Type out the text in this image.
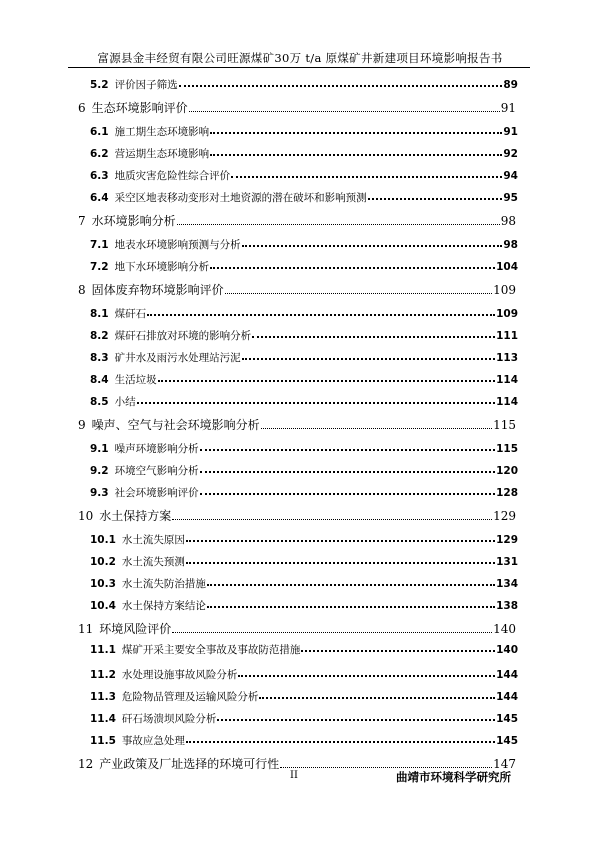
富源县金丰经贸有限公司旺源煤矿30万 t/a 原煤矿井新建项目环境影响报告书
5.2 评价因子筛选	89
6 生态环境影响评价	91
6.1 施工期生态环境影响	91
6.2 营运期生态环境影响	92
6.3 地质灾害危险性综合评价	94
6.4 采空区地表移动变形对土地资源的潜在破坏和影响预测	95
7 水环境影响分析	98
7.1 地表水环境影响预测与分析	98
7.2 地下水环境影响分析	104
8 固体废弃物环境影响评价	109
8.1 煤矸石	109
8.2 煤矸石排放对环境的影响分析	111
8.3 矿井水及雨污水处理站污泥	113
8.4 生活垃圾	114
8.5 小结	114
9 噪声、空气与社会环境影响分析	115
9.1 噪声环境影响分析	115
9.2 环境空气影响分析	120
9.3 社会环境影响评价	128
10 水土保持方案	129
10.1 水土流失原因	129
10.2 水土流失预测	131
10.3 水土流失防治措施	134
10.4 水土保持方案结论	138
11 环境风险评价	140
11.1 煤矿开采主要安全事故及事故防范措施	140
11.2 水处理设施事故风险分析	144
11.3 危险物品管理及运输风险分析	144
11.4 矸石场溃坝风险分析	145
11.5 事故应急处理	145
12 产业政策及厂址选择的环境可行性	147
II	曲靖市环境科学研究所
